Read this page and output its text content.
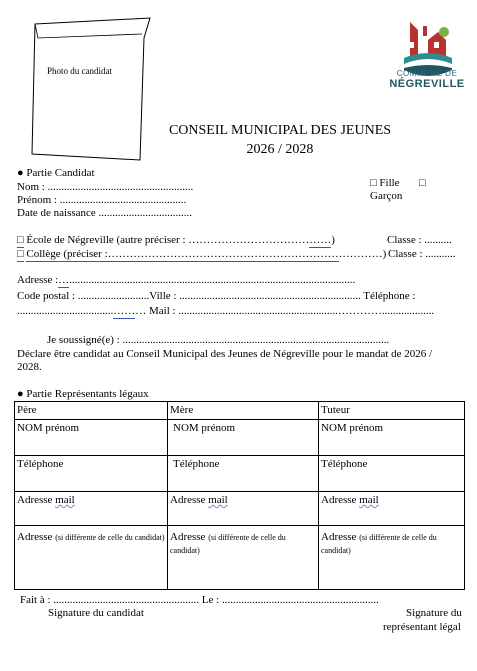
Photo du candidat	COMMUNE DE
NÉGREVILLE
CONSEIL MUNICIPAL DES JEUNES
2026 / 2028
● Partie Candidat
Nom : .....................................................
Prénom : ..............................................
Date de naissance ..................................
□ Fille □
Garçon
□ École de Négreville (autre préciser : …………………………………)	Classe : ..........
□ Collège (préciser :…………………………………………………………………) Classe : ...........
Adresse :…........................................................................................................
Code postal : ..........................Ville : .................................................................. Téléphone :
...................................……… Mail : ..........................................................…………...................
Je soussigné(e) : .................................................................................................
Déclare être candidat au Conseil Municipal des Jeunes de Négreville pour le mandat de 2026 /
2028.
● Partie Représentants légaux
Père	Mère	Tuteur
NOM prénom	NOM prénom	NOM prénom
Téléphone	Téléphone	Téléphone
Adresse mail	Adresse mail	Adresse mail
Adresse (si différente de celle du candidat)	Adresse (si différente de celle du candidat)	Adresse (si différente de celle du candidat)
Fait à : ..................................................... Le : .........................................................
Signature du candidat	Signature du
représentant légal
